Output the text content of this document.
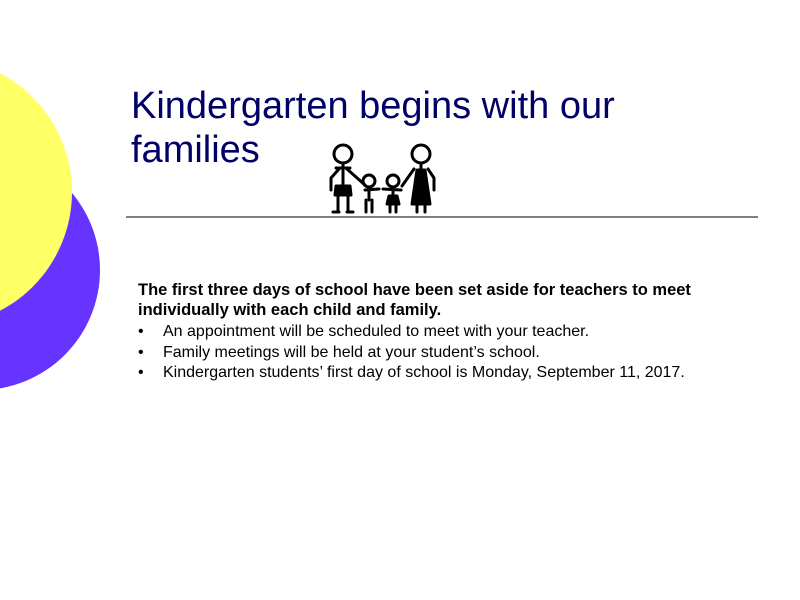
Kindergarten begins with our families

The first three days of school have been set aside for teachers to meet individually with each child and family.

• An appointment will be scheduled to meet with your teacher.
• Family meetings will be held at your student’s school.
• Kindergarten students’ first day of school is Monday, September 11, 2017.
